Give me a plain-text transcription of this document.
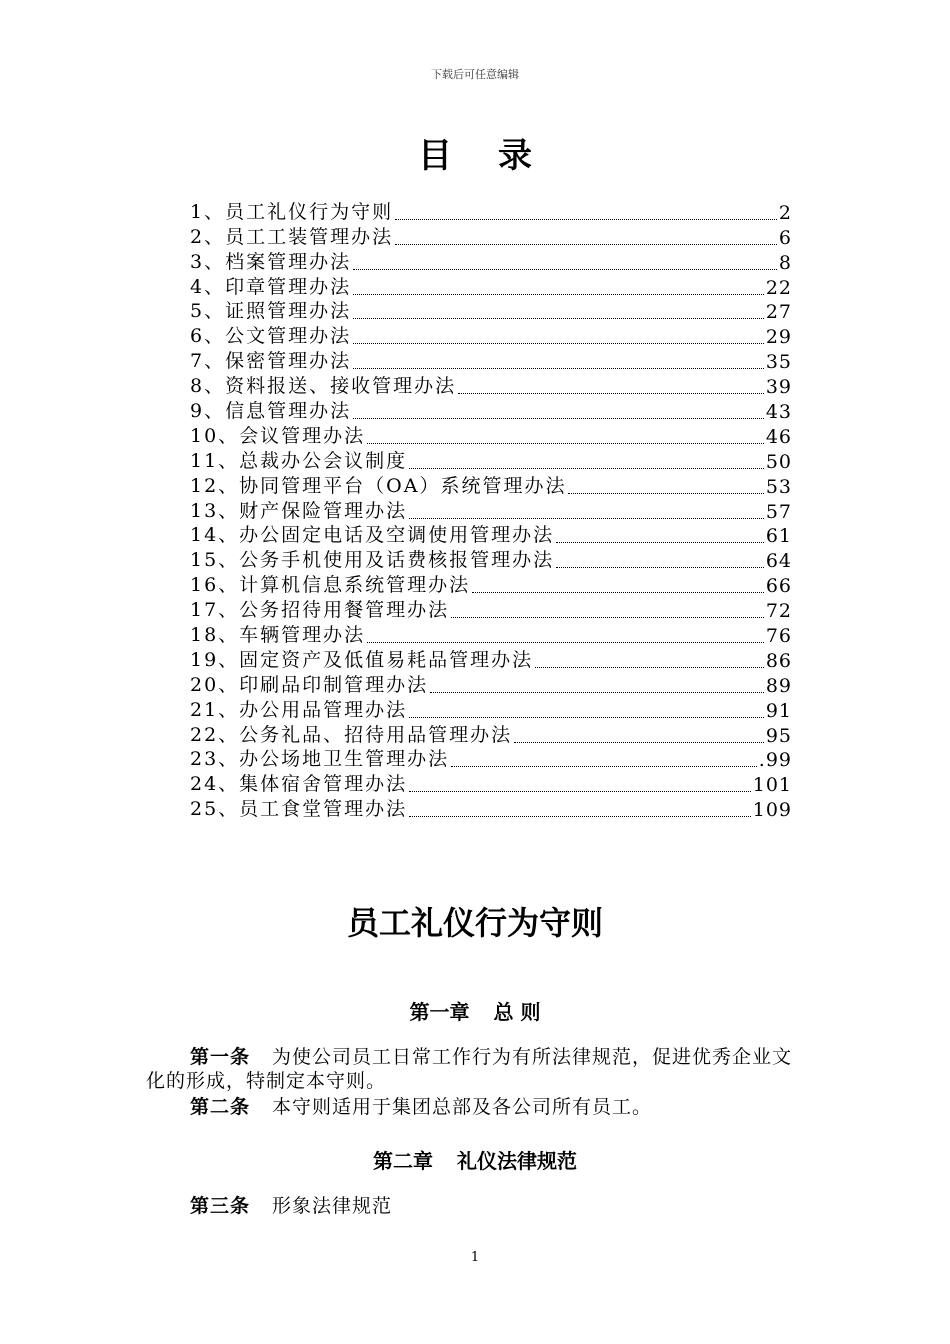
下载后可任意编辑
目录
1、员工礼仪行为守则	2
2、员工工装管理办法	6
3、档案管理办法	8
4、印章管理办法	22
5、证照管理办法	27
6、公文管理办法	29
7、保密管理办法	35
8、资料报送、接收管理办法	39
9、信息管理办法	43
10、会议管理办法	46
11、总裁办公会议制度	50
12、协同管理平台（OA）系统管理办法	53
13、财产保险管理办法	57
14、办公固定电话及空调使用管理办法	61
15、公务手机使用及话费核报管理办法	64
16、计算机信息系统管理办法	66
17、公务招待用餐管理办法	72
18、车辆管理办法	76
19、固定资产及低值易耗品管理办法	86
20、印刷品印制管理办法	89
21、办公用品管理办法	91
22、公务礼品、招待用品管理办法	95
23、办公场地卫生管理办法	.99
24、集体宿舍管理办法	101
25、员工食堂管理办法	109
员工礼仪行为守则
第一章 总 则
第一条 为使公司员工日常工作行为有所法律规范，促进优秀企业文化的形成，特制定本守则。
第二条 本守则适用于集团总部及各公司所有员工。
第二章 礼仪法律规范
第三条 形象法律规范
1
